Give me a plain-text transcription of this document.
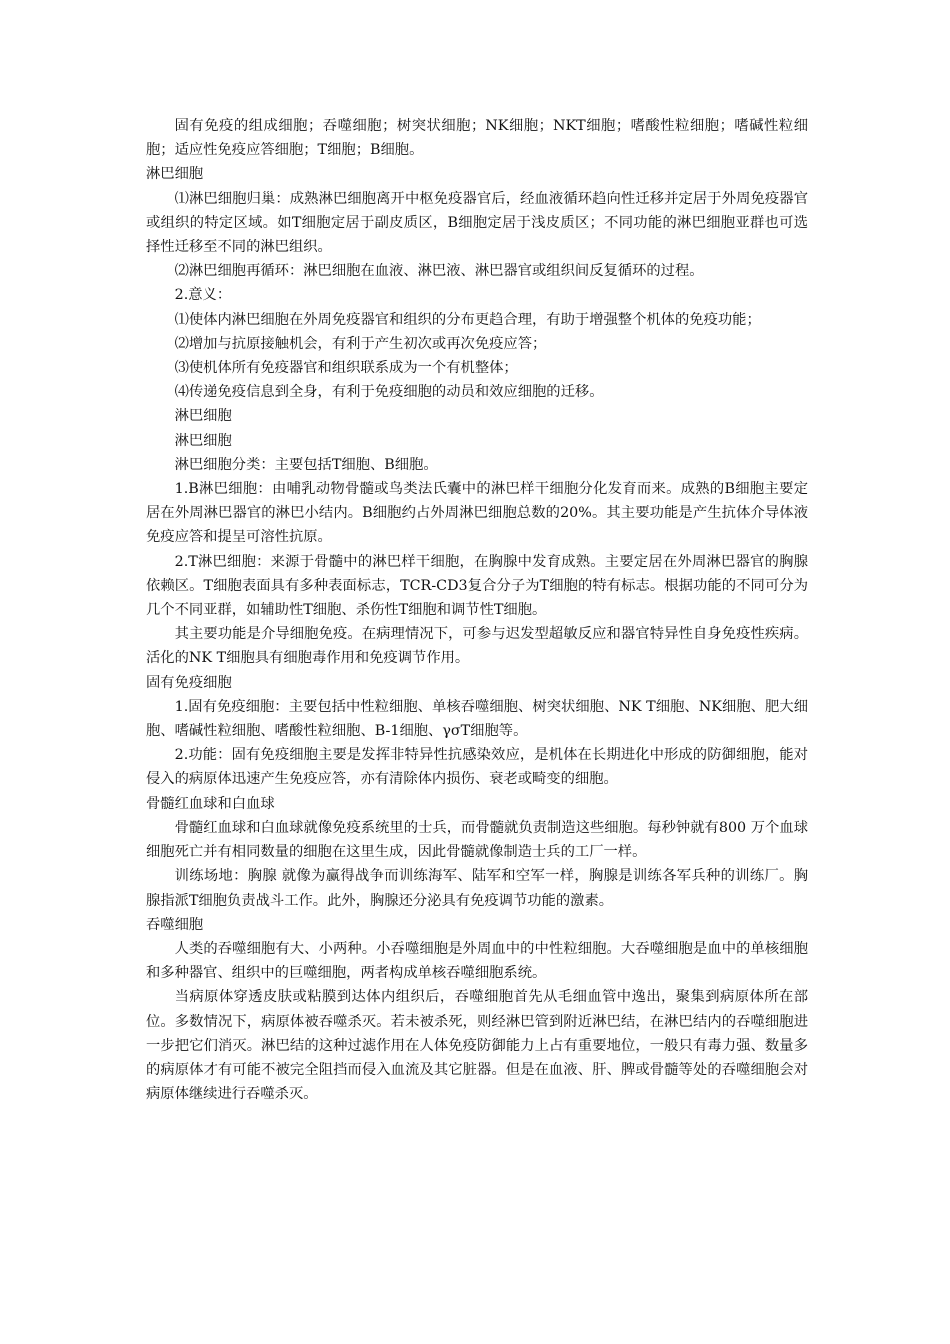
固有免疫的组成细胞；吞噬细胞；树突状细胞；NK细胞；NKT细胞；嗜酸性粒细胞；嗜碱性粒细胞；适应性免疫应答细胞；T细胞；B细胞。

淋巴细胞

⑴淋巴细胞归巢：成熟淋巴细胞离开中枢免疫器官后，经血液循环趋向性迁移并定居于外周免疫器官或组织的特定区域。如T细胞定居于副皮质区，B细胞定居于浅皮质区；不同功能的淋巴细胞亚群也可选择性迁移至不同的淋巴组织。

⑵淋巴细胞再循环：淋巴细胞在血液、淋巴液、淋巴器官或组织间反复循环的过程。

2.意义：

⑴使体内淋巴细胞在外周免疫器官和组织的分布更趋合理，有助于增强整个机体的免疫功能；

⑵增加与抗原接触机会，有利于产生初次或再次免疫应答；

⑶使机体所有免疫器官和组织联系成为一个有机整体；

⑷传递免疫信息到全身，有利于免疫细胞的动员和效应细胞的迁移。

淋巴细胞

淋巴细胞

淋巴细胞分类：主要包括T细胞、B细胞。

1.B淋巴细胞：由哺乳动物骨髓或鸟类法氏囊中的淋巴样干细胞分化发育而来。成熟的B细胞主要定居在外周淋巴器官的淋巴小结内。B细胞约占外周淋巴细胞总数的20%。其主要功能是产生抗体介导体液免疫应答和提呈可溶性抗原。

2.T淋巴细胞：来源于骨髓中的淋巴样干细胞，在胸腺中发育成熟。主要定居在外周淋巴器官的胸腺依赖区。T细胞表面具有多种表面标志，TCR-CD3复合分子为T细胞的特有标志。根据功能的不同可分为几个不同亚群，如辅助性T细胞、杀伤性T细胞和调节性T细胞。

其主要功能是介导细胞免疫。在病理情况下，可参与迟发型超敏反应和器官特异性自身免疫性疾病。活化的NK T细胞具有细胞毒作用和免疫调节作用。

固有免疫细胞

1.固有免疫细胞：主要包括中性粒细胞、单核吞噬细胞、树突状细胞、NK T细胞、NK细胞、肥大细胞、嗜碱性粒细胞、嗜酸性粒细胞、B-1细胞、γσT细胞等。

2.功能：固有免疫细胞主要是发挥非特异性抗感染效应，是机体在长期进化中形成的防御细胞，能对侵入的病原体迅速产生免疫应答，亦有清除体内损伤、衰老或畸变的细胞。

骨髓红血球和白血球

骨髓红血球和白血球就像免疫系统里的士兵，而骨髓就负责制造这些细胞。每秒钟就有800 万个血球细胞死亡并有相同数量的细胞在这里生成，因此骨髓就像制造士兵的工厂一样。

训练场地：胸腺 就像为赢得战争而训练海军、陆军和空军一样，胸腺是训练各军兵种的训练厂。胸腺指派T细胞负责战斗工作。此外，胸腺还分泌具有免疫调节功能的激素。

吞噬细胞

人类的吞噬细胞有大、小两种。小吞噬细胞是外周血中的中性粒细胞。大吞噬细胞是血中的单核细胞和多种器官、组织中的巨噬细胞，两者构成单核吞噬细胞系统。

当病原体穿透皮肤或粘膜到达体内组织后，吞噬细胞首先从毛细血管中逸出，聚集到病原体所在部位。多数情况下，病原体被吞噬杀灭。若未被杀死，则经淋巴管到附近淋巴结，在淋巴结内的吞噬细胞进一步把它们消灭。淋巴结的这种过滤作用在人体免疫防御能力上占有重要地位，一般只有毒力强、数量多的病原体才有可能不被完全阻挡而侵入血流及其它脏器。但是在血液、肝、脾或骨髓等处的吞噬细胞会对病原体继续进行吞噬杀灭。
